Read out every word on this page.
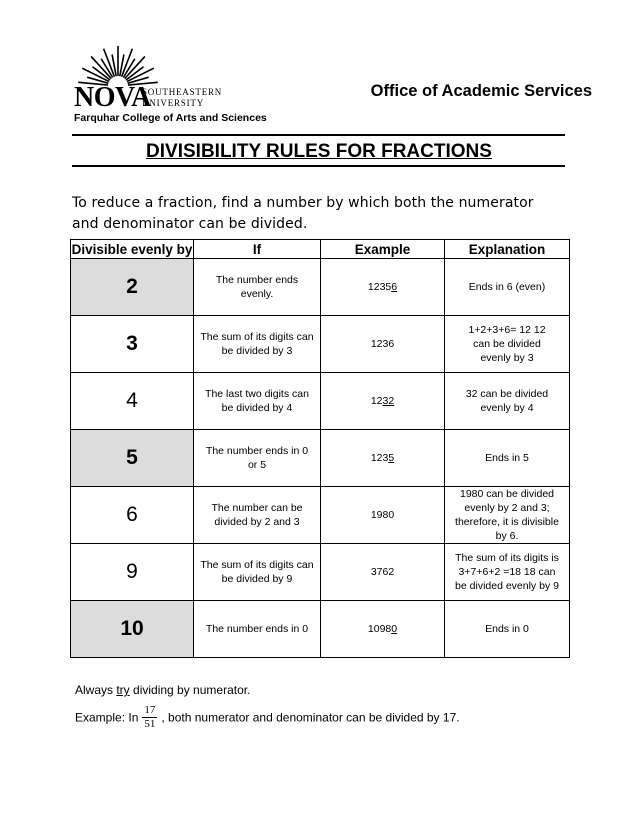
NOVA
SOUTHEASTERN
UNIVERSITY
Farquhar College of Arts and Sciences
Office of Academic Services
DIVISIBILITY RULES FOR FRACTIONS
To reduce a fraction, find a number by which both the numerator and denominator can be divided.
Divisible evenly by	If	Example	Explanation
2	The number ends evenly.	12356	Ends in 6 (even)

3	The sum of its digits can be divided by 3	1236	1+2+3+6= 12 12 can be divided evenly by 3

4	The last two digits can be divided by 4	1232	32 can be divided evenly by 4

5	The number ends in 0 or 5	1235	Ends in 5

6	The number can be divided by 2 and 3	1980	1980 can be divided evenly by 2 and 3; therefore, it is divisible by 6.

9	The sum of its digits can be divided by 9	3762	The sum of its digits is 3+7+6+2 =18 18 can be divided evenly by 9

10	The number ends in 0	10980	Ends in 0
Always try dividing by numerator.
Example: In $\frac{17}{51}$ , both numerator and denominator can be divided by 17.
